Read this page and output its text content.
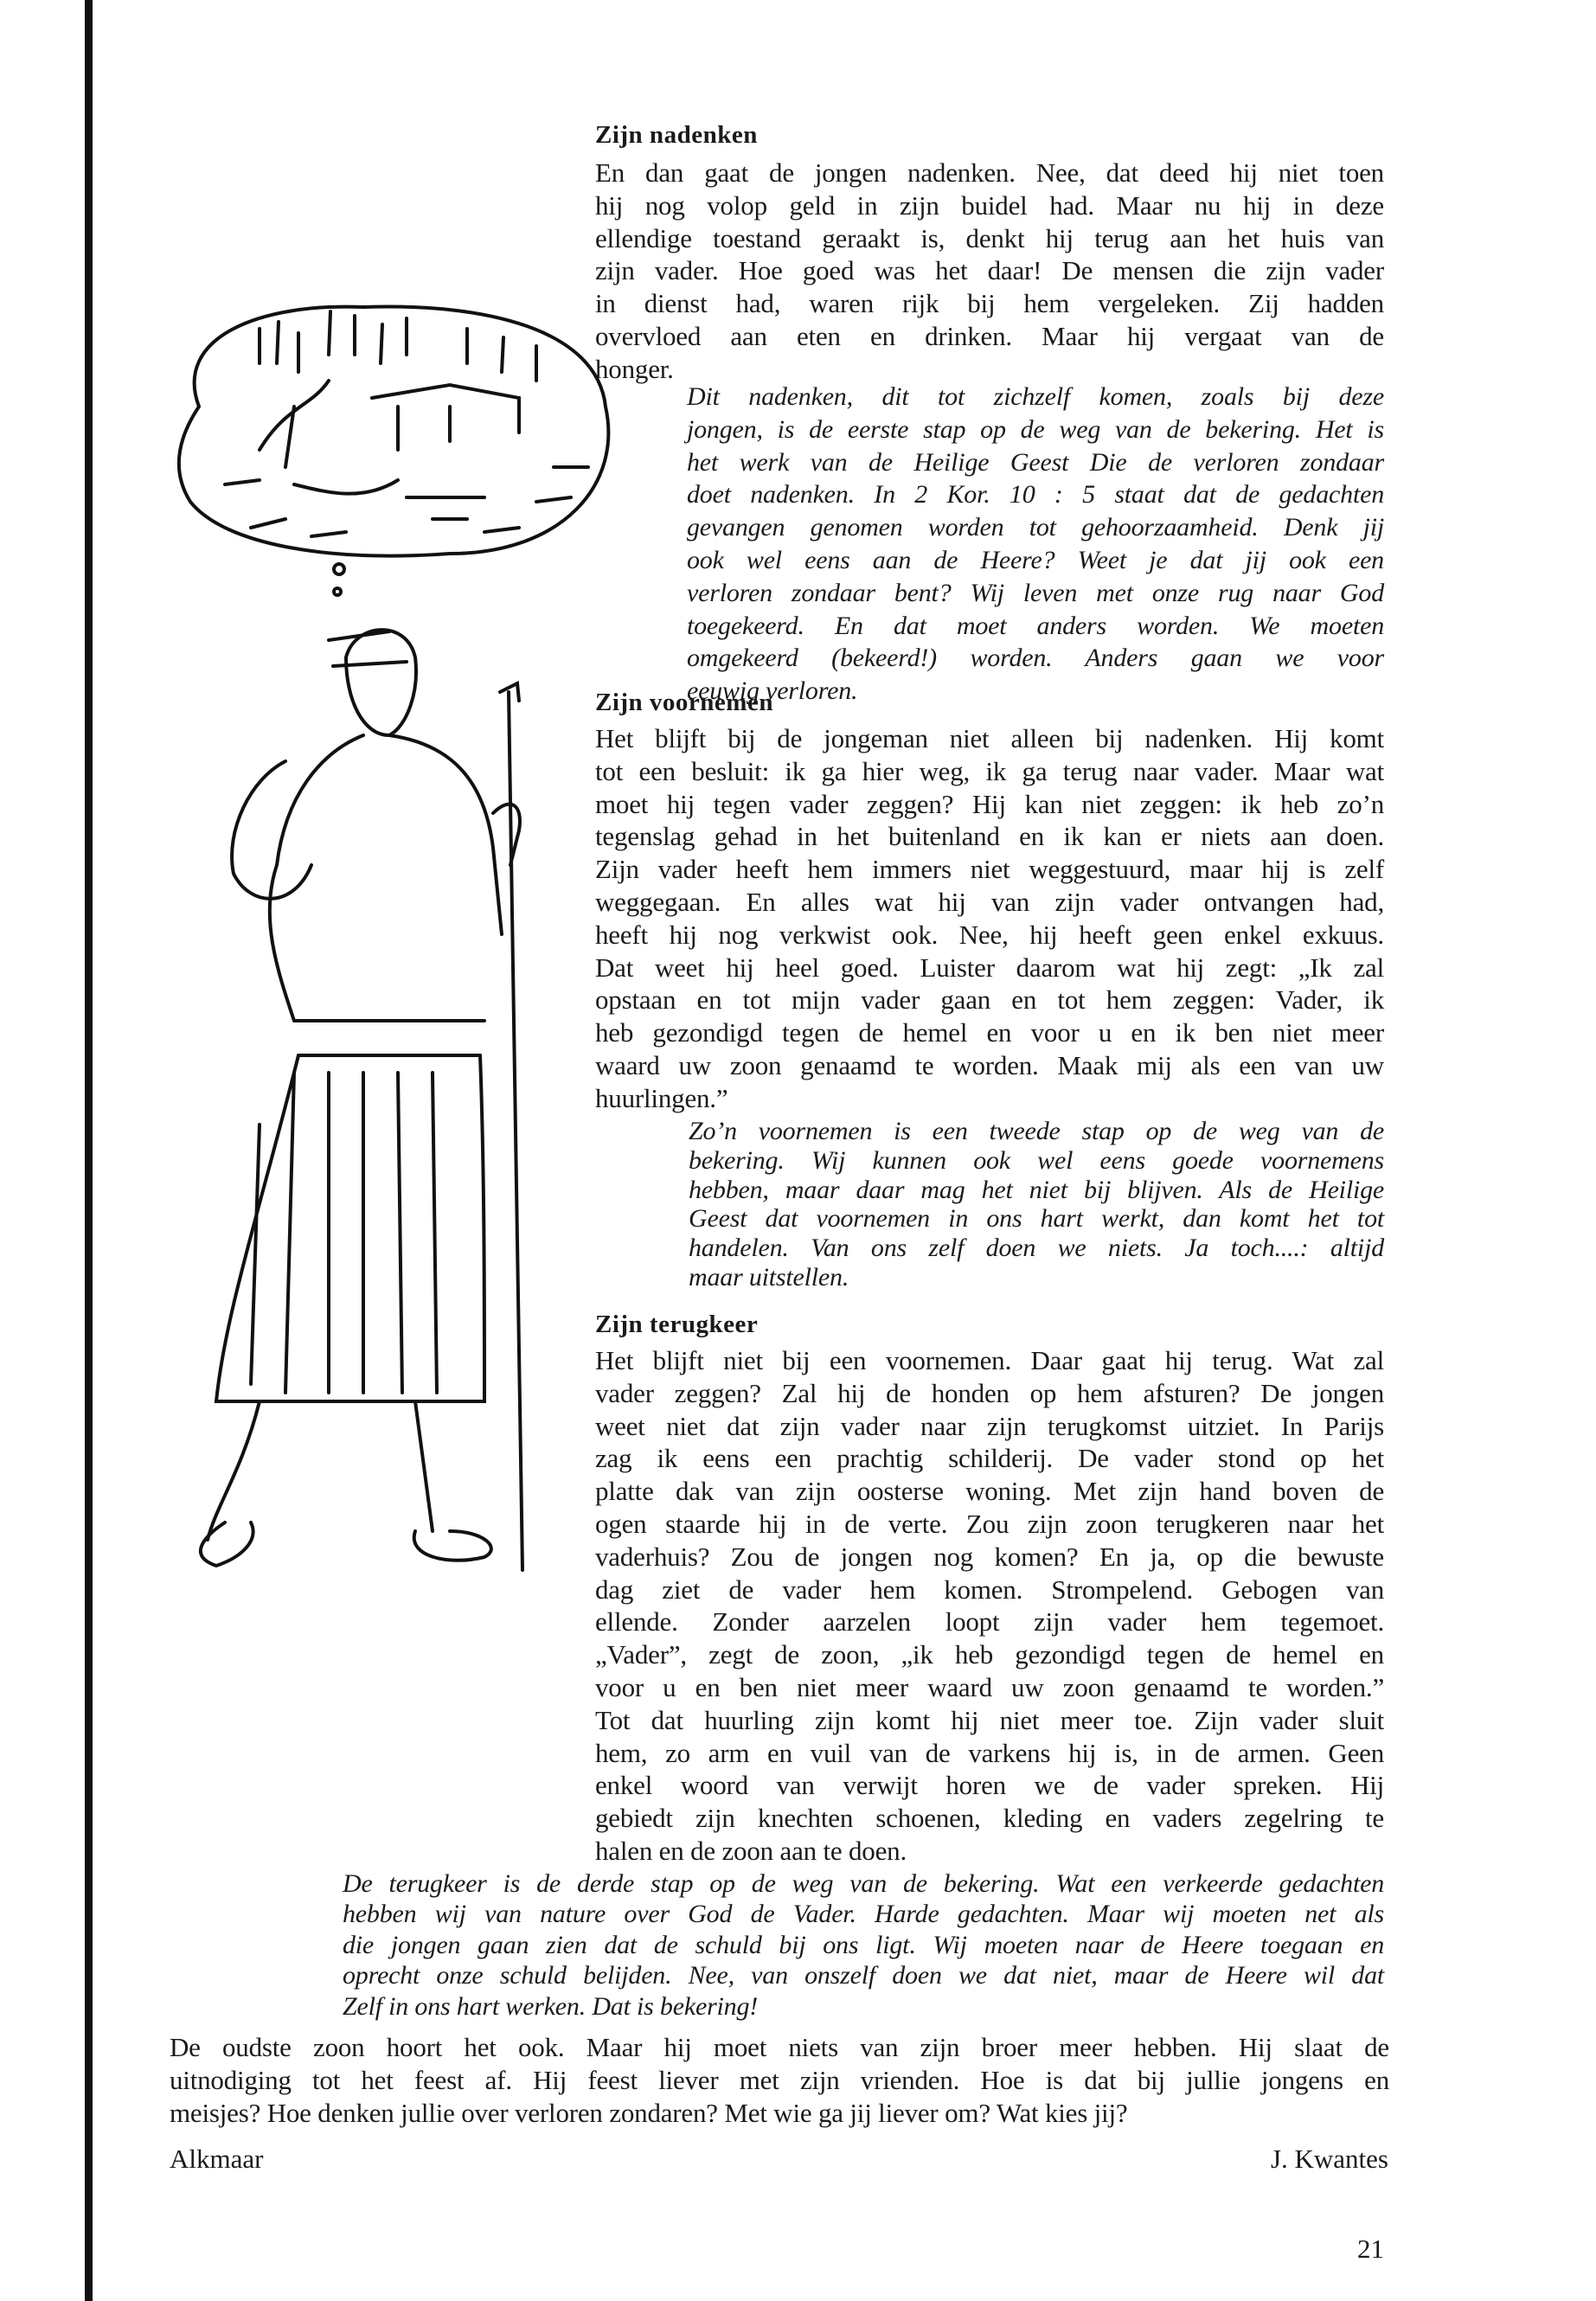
Zijn nadenken
En dan gaat de jongen nadenken. Nee, dat deed hij niet toen
hij nog volop geld in zijn buidel had. Maar nu hij in deze
ellendige toestand geraakt is, denkt hij terug aan het huis van
zijn vader. Hoe goed was het daar! De mensen die zijn vader
in dienst had, waren rijk bij hem vergeleken. Zij hadden
overvloed aan eten en drinken. Maar hij vergaat van de
honger.
Dit nadenken, dit tot zichzelf komen, zoals bij deze
jongen, is de eerste stap op de weg van de bekering. Het is
het werk van de Heilige Geest Die de verloren zondaar
doet nadenken. In 2 Kor. 10 : 5 staat dat de gedachten
gevangen genomen worden tot gehoorzaamheid. Denk jij
ook wel eens aan de Heere? Weet je dat jij ook een
verloren zondaar bent? Wij leven met onze rug naar God
toegekeerd. En dat moet anders worden. We moeten
omgekeerd (bekeerd!) worden. Anders gaan we voor
eeuwig verloren.
Zijn voornemen
Het blijft bij de jongeman niet alleen bij nadenken. Hij komt
tot een besluit: ik ga hier weg, ik ga terug naar vader. Maar wat
moet hij tegen vader zeggen? Hij kan niet zeggen: ik heb zo’n
tegenslag gehad in het buitenland en ik kan er niets aan doen.
Zijn vader heeft hem immers niet weggestuurd, maar hij is zelf
weggegaan. En alles wat hij van zijn vader ontvangen had,
heeft hij nog verkwist ook. Nee, hij heeft geen enkel exkuus.
Dat weet hij heel goed. Luister daarom wat hij zegt: „Ik zal
opstaan en tot mijn vader gaan en tot hem zeggen: Vader, ik
heb gezondigd tegen de hemel en voor u en ik ben niet meer
waard uw zoon genaamd te worden. Maak mij als een van uw
huurlingen.”
Zo’n voornemen is een tweede stap op de weg van de
bekering. Wij kunnen ook wel eens goede voornemens
hebben, maar daar mag het niet bij blijven. Als de Heilige
Geest dat voornemen in ons hart werkt, dan komt het tot
handelen. Van ons zelf doen we niets. Ja toch....: altijd
maar uitstellen.
Zijn terugkeer
Het blijft niet bij een voornemen. Daar gaat hij terug. Wat zal
vader zeggen? Zal hij de honden op hem afsturen? De jongen
weet niet dat zijn vader naar zijn terugkomst uitziet. In Parijs
zag ik eens een prachtig schilderij. De vader stond op het
platte dak van zijn oosterse woning. Met zijn hand boven de
ogen staarde hij in de verte. Zou zijn zoon terugkeren naar het
vaderhuis? Zou de jongen nog komen? En ja, op die bewuste
dag ziet de vader hem komen. Strompelend. Gebogen van
ellende. Zonder aarzelen loopt zijn vader hem tegemoet.
„Vader”, zegt de zoon, „ik heb gezondigd tegen de hemel en
voor u en ben niet meer waard uw zoon genaamd te worden.”
Tot dat huurling zijn komt hij niet meer toe. Zijn vader sluit
hem, zo arm en vuil van de varkens hij is, in de armen. Geen
enkel woord van verwijt horen we de vader spreken. Hij
gebiedt zijn knechten schoenen, kleding en vaders zegelring te
halen en de zoon aan te doen.
De terugkeer is de derde stap op de weg van de bekering. Wat een verkeerde gedachten
hebben wij van nature over God de Vader. Harde gedachten. Maar wij moeten net als
die jongen gaan zien dat de schuld bij ons ligt. Wij moeten naar de Heere toegaan en
oprecht onze schuld belijden. Nee, van onszelf doen we dat niet, maar de Heere wil dat
Zelf in ons hart werken. Dat is bekering!
De oudste zoon hoort het ook. Maar hij moet niets van zijn broer meer hebben. Hij slaat de
uitnodiging tot het feest af. Hij feest liever met zijn vrienden. Hoe is dat bij jullie jongens en
meisjes? Hoe denken jullie over verloren zondaren? Met wie ga jij liever om? Wat kies jij?
Alkmaar	J. Kwantes
21
